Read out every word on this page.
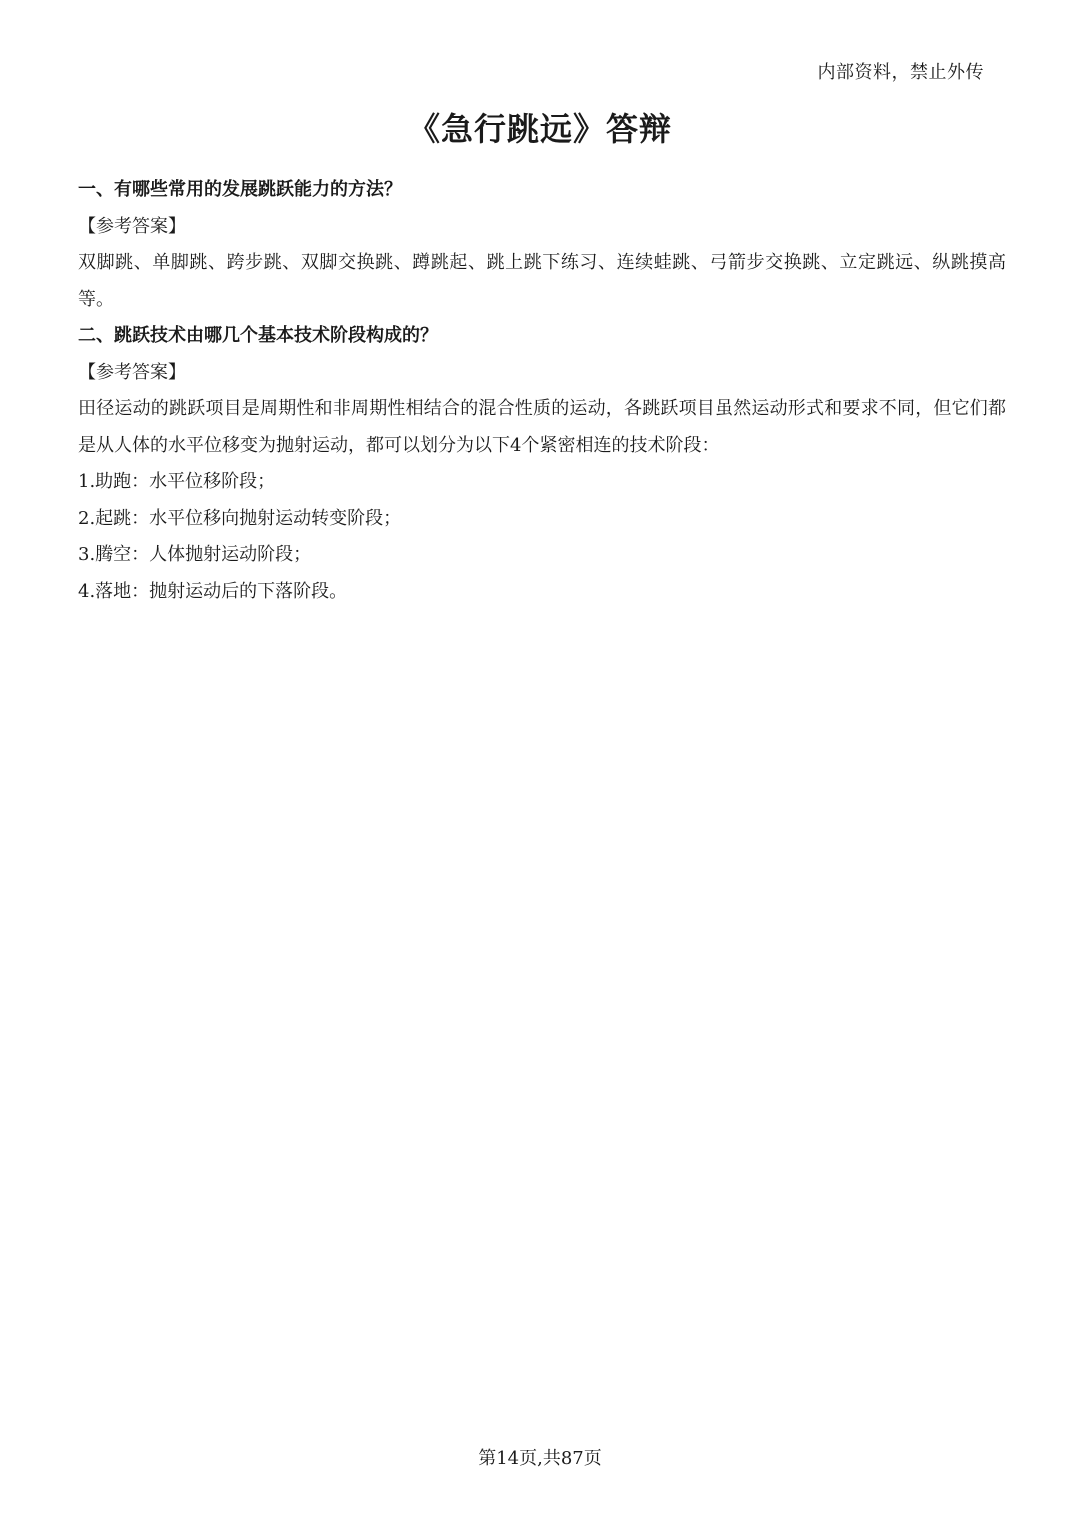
内部资料，禁止外传
《急行跳远》答辩
一、有哪些常用的发展跳跃能力的方法？
【参考答案】
双脚跳、单脚跳、跨步跳、双脚交换跳、蹲跳起、跳上跳下练习、连续蛙跳、弓箭步交换跳、立定跳远、纵跳摸高等。
二、跳跃技术由哪几个基本技术阶段构成的？
【参考答案】
田径运动的跳跃项目是周期性和非周期性相结合的混合性质的运动，各跳跃项目虽然运动形式和要求不同，但它们都是从人体的水平位移变为抛射运动，都可以划分为以下4个紧密相连的技术阶段：
1.助跑：水平位移阶段；
2.起跳：水平位移向抛射运动转变阶段；
3.腾空：人体抛射运动阶段；
4.落地：抛射运动后的下落阶段。
第14页,共87页
